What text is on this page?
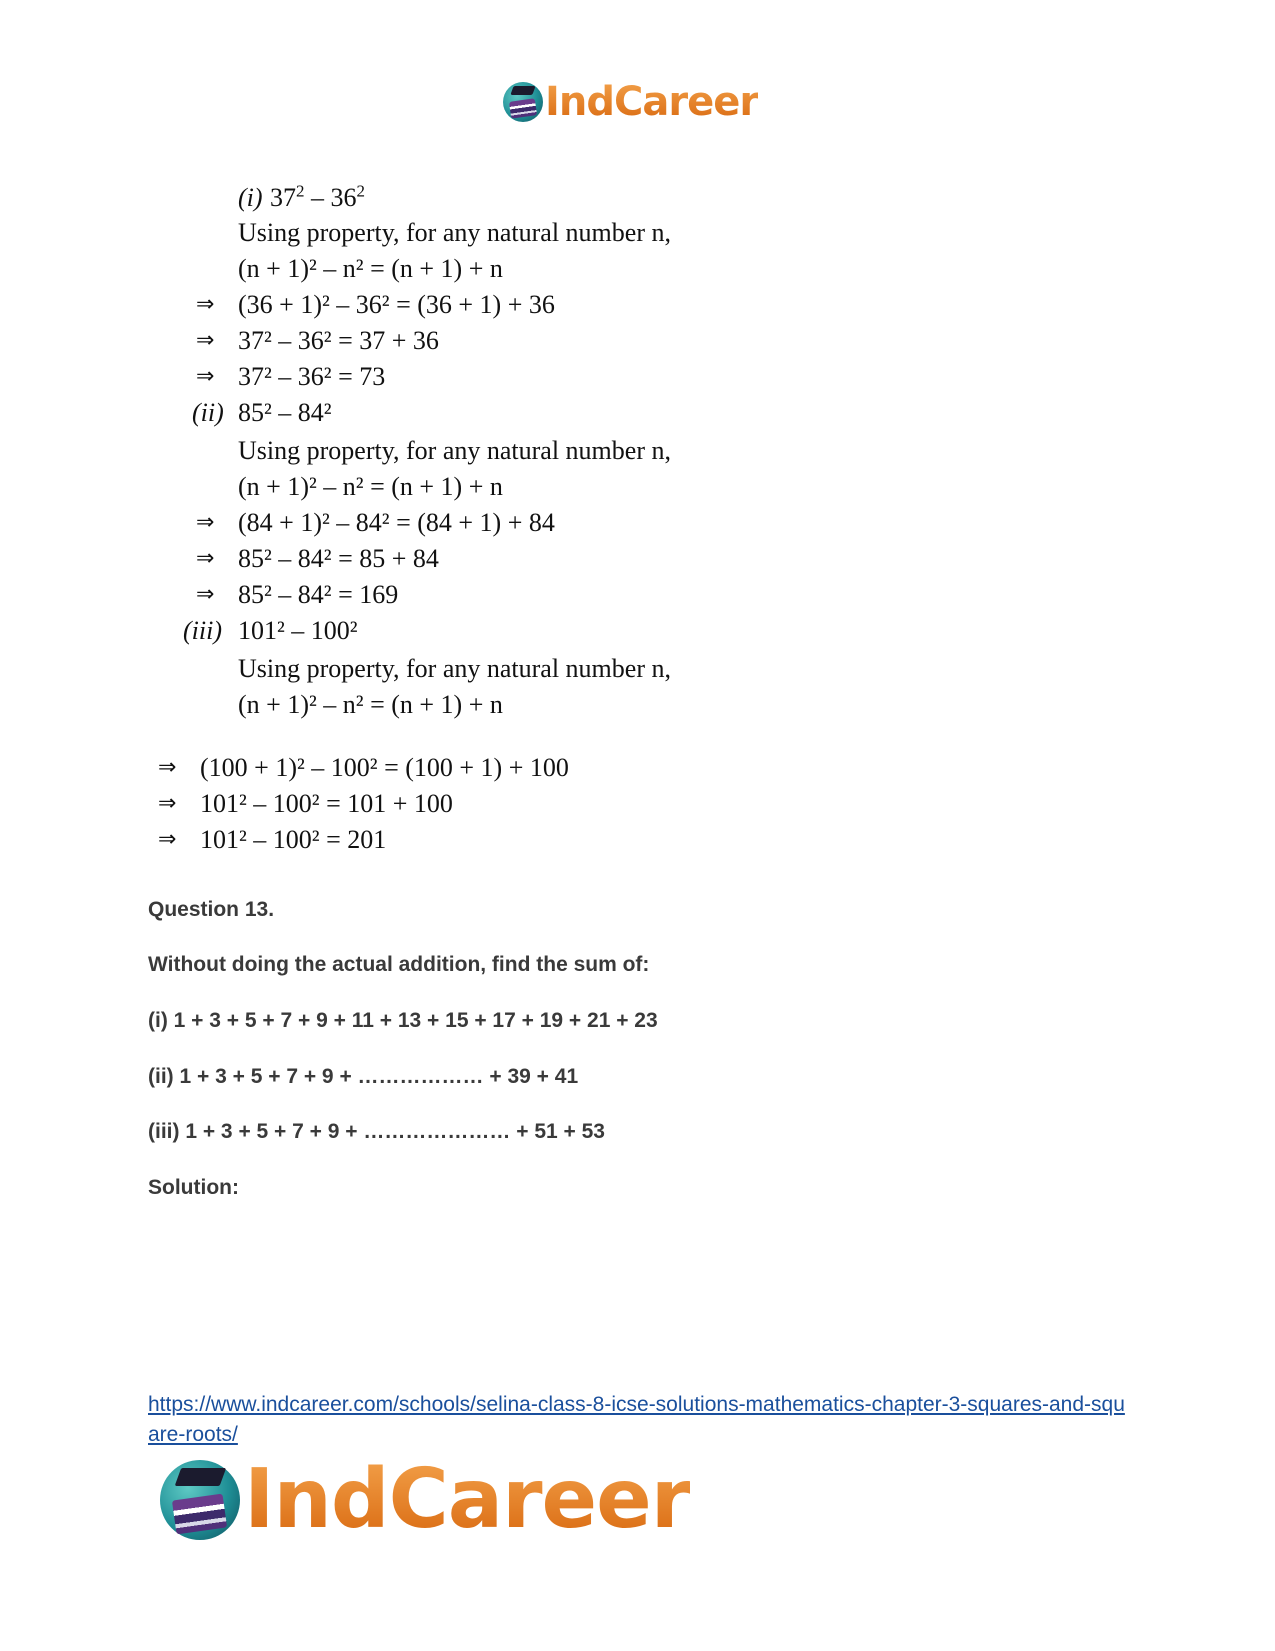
IndCareer
(i) $37^2 - 36^2$
Using property, for any natural number n,
(n + 1)² – n² = (n + 1) + n
⇒ (36 + 1)² – 36² = (36 + 1) + 36
⇒ 37² – 36² = 37 + 36
⇒ 37² – 36² = 73
(ii) 85² – 84²
Using property, for any natural number n,
(n + 1)² – n² = (n + 1) + n
⇒ (84 + 1)² – 84² = (84 + 1) + 84
⇒ 85² – 84² = 85 + 84
⇒ 85² – 84² = 169
(iii) 101² – 100²
Using property, for any natural number n,
(n + 1)² – n² = (n + 1) + n
⇒ (100 + 1)² – 100² = (100 + 1) + 100
⇒ 101² – 100² = 101 + 100
⇒ 101² – 100² = 201
Question 13.
Without doing the actual addition, find the sum of:
(i) 1 + 3 + 5 + 7 + 9 + 11 + 13 + 15 + 17 + 19 + 21 + 23
(ii) 1 + 3 + 5 + 7 + 9 + ……………… + 39 + 41
(iii) 1 + 3 + 5 + 7 + 9 + ………………… + 51 + 53
Solution:
https://www.indcareer.com/schools/selina-class-8-icse-solutions-mathematics-chapter-3-squares-and-square-roots/
IndCareer
